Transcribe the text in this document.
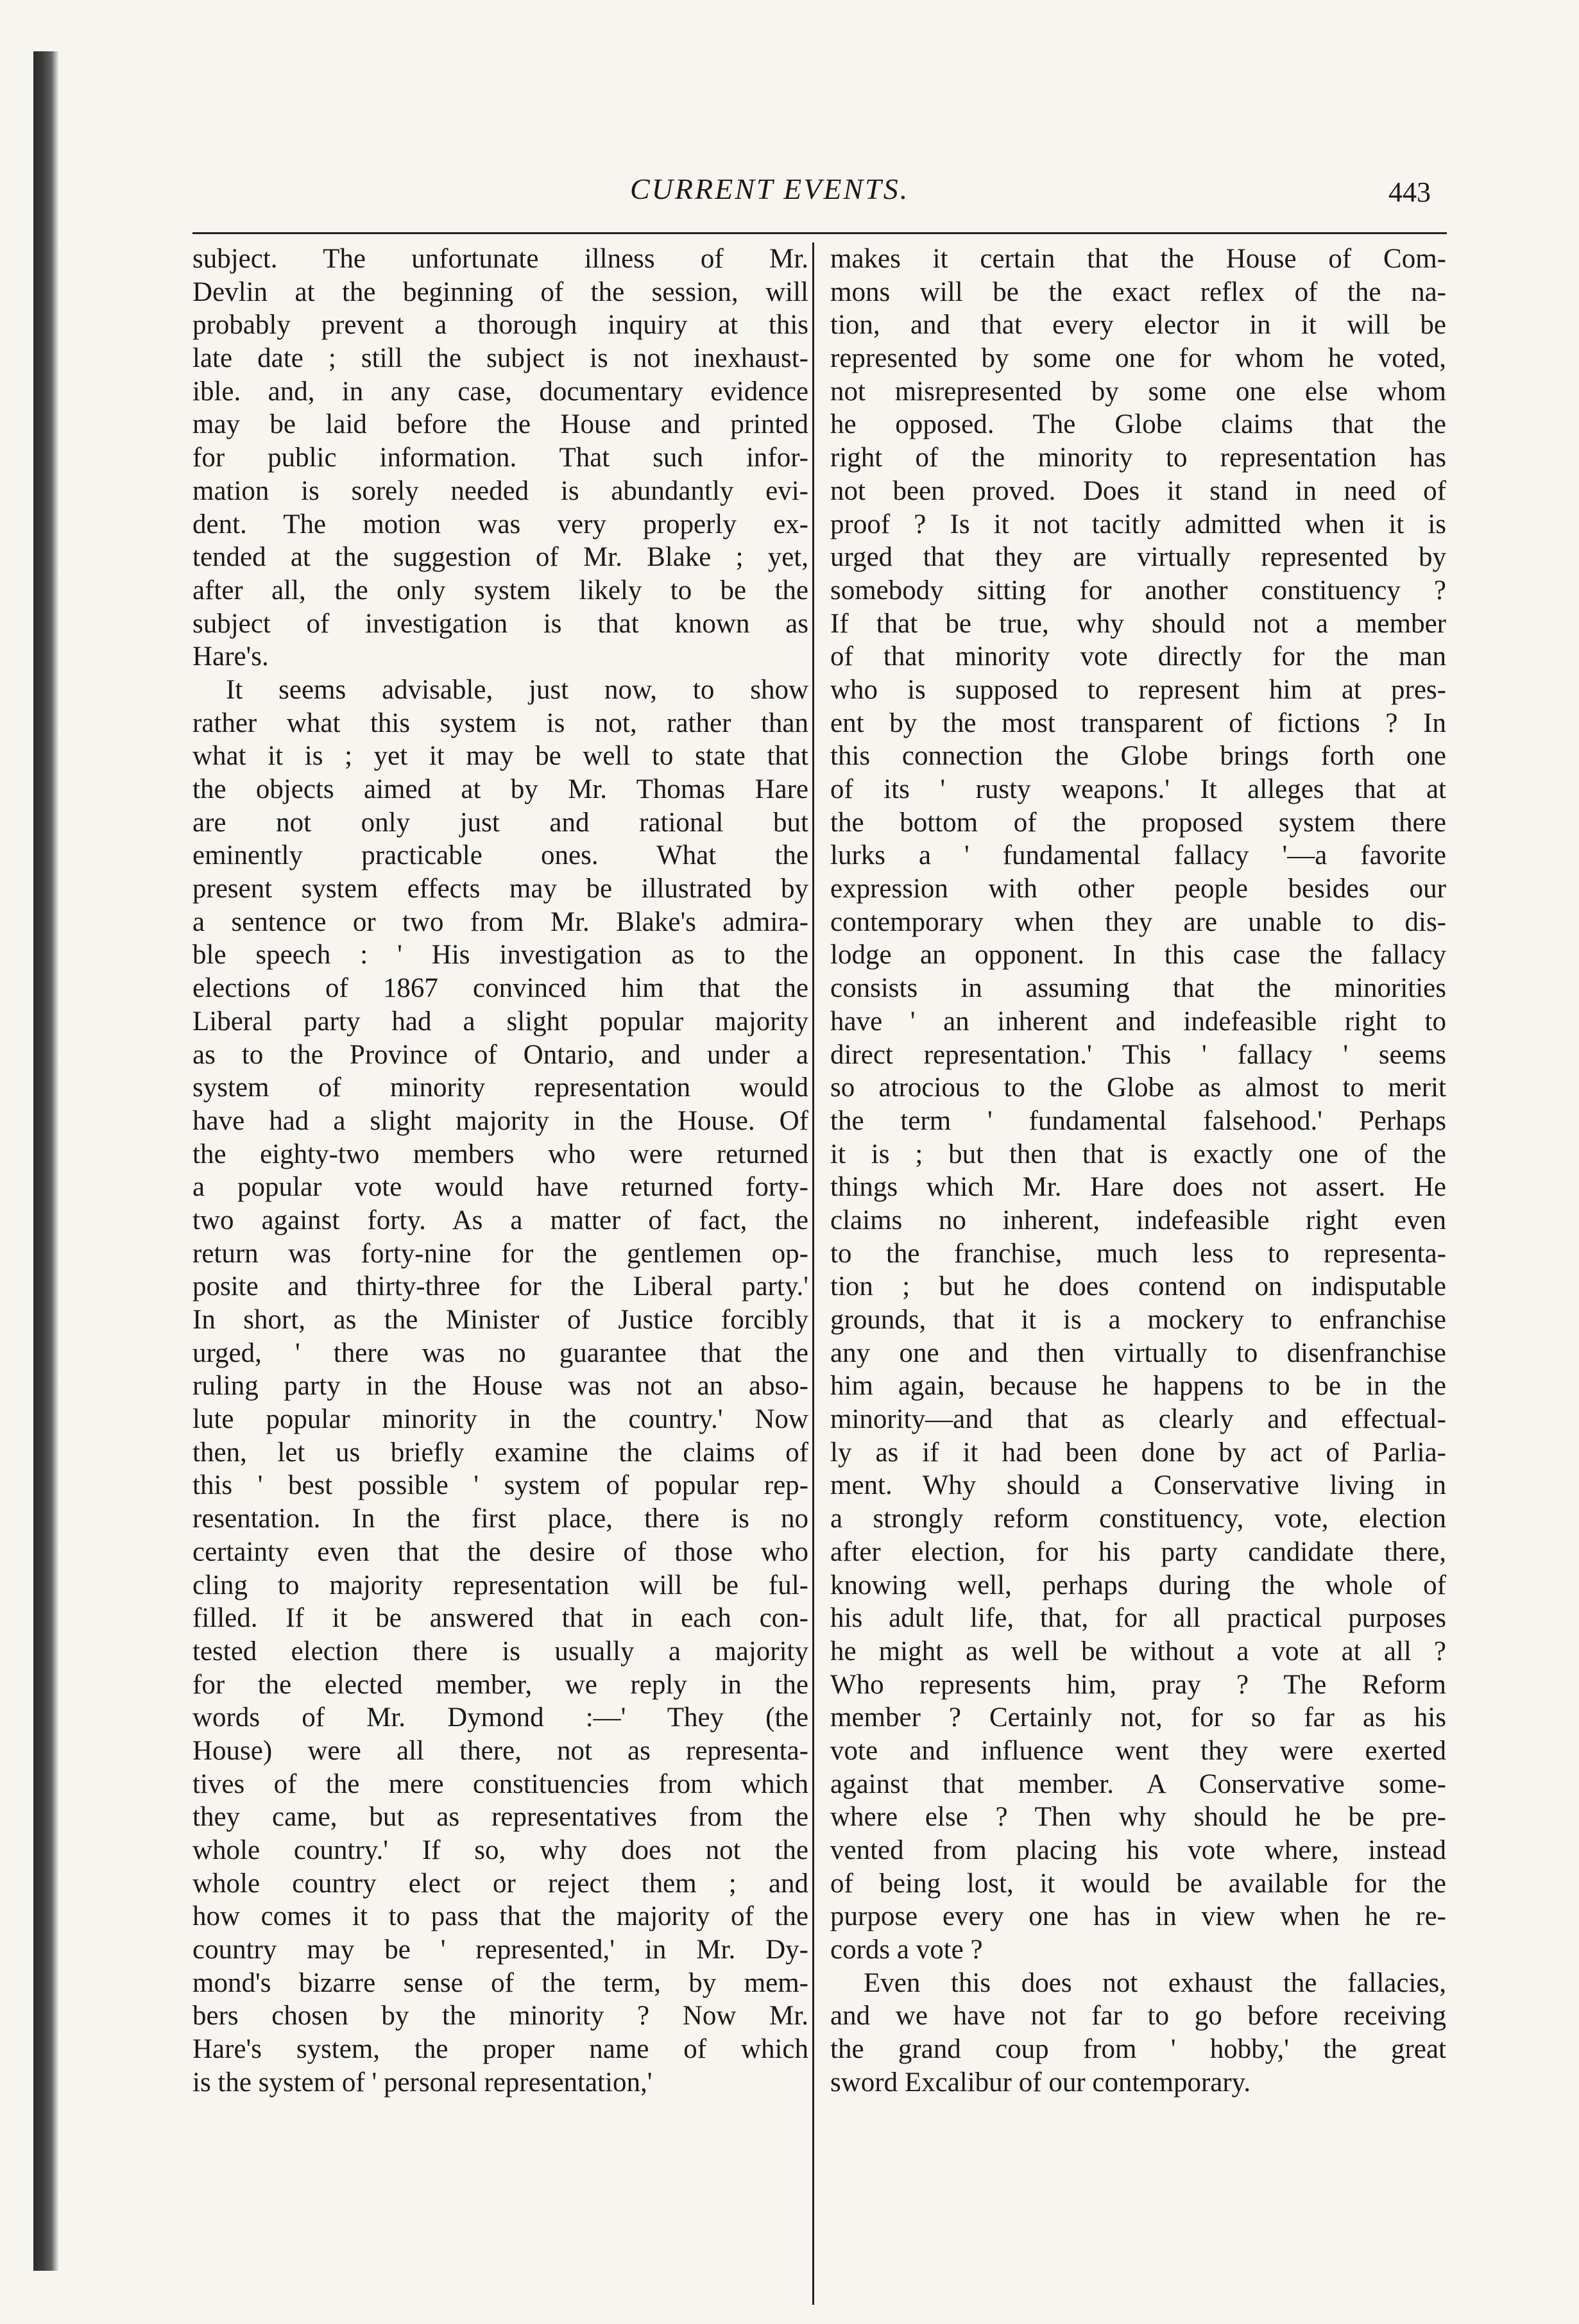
CURRENT EVENTS.	443
subject. The unfortunate illness of Mr.
Devlin at the beginning of the session, will
probably prevent a thorough inquiry at this
late date ; still the subject is not inexhaust-
ible. and, in any case, documentary evidence
may be laid before the House and printed
for public information. That such infor-
mation is sorely needed is abundantly evi-
dent. The motion was very properly ex-
tended at the suggestion of Mr. Blake ; yet,
after all, the only system likely to be the
subject of investigation is that known as
Hare's.
It seems advisable, just now, to show
rather what this system is not, rather than
what it is ; yet it may be well to state that
the objects aimed at by Mr. Thomas Hare
are not only just and rational but
eminently practicable ones. What the
present system effects may be illustrated by
a sentence or two from Mr. Blake's admira-
ble speech : ' His investigation as to the
elections of 1867 convinced him that the
Liberal party had a slight popular majority
as to the Province of Ontario, and under a
system of minority representation would
have had a slight majority in the House. Of
the eighty-two members who were returned
a popular vote would have returned forty-
two against forty. As a matter of fact, the
return was forty-nine for the gentlemen op-
posite and thirty-three for the Liberal party.'
In short, as the Minister of Justice forcibly
urged, ' there was no guarantee that the
ruling party in the House was not an abso-
lute popular minority in the country.' Now
then, let us briefly examine the claims of
this ' best possible ' system of popular rep-
resentation. In the first place, there is no
certainty even that the desire of those who
cling to majority representation will be ful-
filled. If it be answered that in each con-
tested election there is usually a majority
for the elected member, we reply in the
words of Mr. Dymond :—' They (the
House) were all there, not as representa-
tives of the mere constituencies from which
they came, but as representatives from the
whole country.' If so, why does not the
whole country elect or reject them ; and
how comes it to pass that the majority of the
country may be ' represented,' in Mr. Dy-
mond's bizarre sense of the term, by mem-
bers chosen by the minority ? Now Mr.
Hare's system, the proper name of which
is the system of ' personal representation,'
makes it certain that the House of Com-
mons will be the exact reflex of the na-
tion, and that every elector in it will be
represented by some one for whom he voted,
not misrepresented by some one else whom
he opposed. The Globe claims that the
right of the minority to representation has
not been proved. Does it stand in need of
proof ? Is it not tacitly admitted when it is
urged that they are virtually represented by
somebody sitting for another constituency ?
If that be true, why should not a member
of that minority vote directly for the man
who is supposed to represent him at pres-
ent by the most transparent of fictions ? In
this connection the Globe brings forth one
of its ' rusty weapons.' It alleges that at
the bottom of the proposed system there
lurks a ' fundamental fallacy '—a favorite
expression with other people besides our
contemporary when they are unable to dis-
lodge an opponent. In this case the fallacy
consists in assuming that the minorities
have ' an inherent and indefeasible right to
direct representation.' This ' fallacy ' seems
so atrocious to the Globe as almost to merit
the term ' fundamental falsehood.' Perhaps
it is ; but then that is exactly one of the
things which Mr. Hare does not assert. He
claims no inherent, indefeasible right even
to the franchise, much less to representa-
tion ; but he does contend on indisputable
grounds, that it is a mockery to enfranchise
any one and then virtually to disenfranchise
him again, because he happens to be in the
minority—and that as clearly and effectual-
ly as if it had been done by act of Parlia-
ment. Why should a Conservative living in
a strongly reform constituency, vote, election
after election, for his party candidate there,
knowing well, perhaps during the whole of
his adult life, that, for all practical purposes
he might as well be without a vote at all ?
Who represents him, pray ? The Reform
member ? Certainly not, for so far as his
vote and influence went they were exerted
against that member. A Conservative some-
where else ? Then why should he be pre-
vented from placing his vote where, instead
of being lost, it would be available for the
purpose every one has in view when he re-
cords a vote ?
Even this does not exhaust the fallacies,
and we have not far to go before receiving
the grand coup from ' hobby,' the great
sword Excalibur of our contemporary.
